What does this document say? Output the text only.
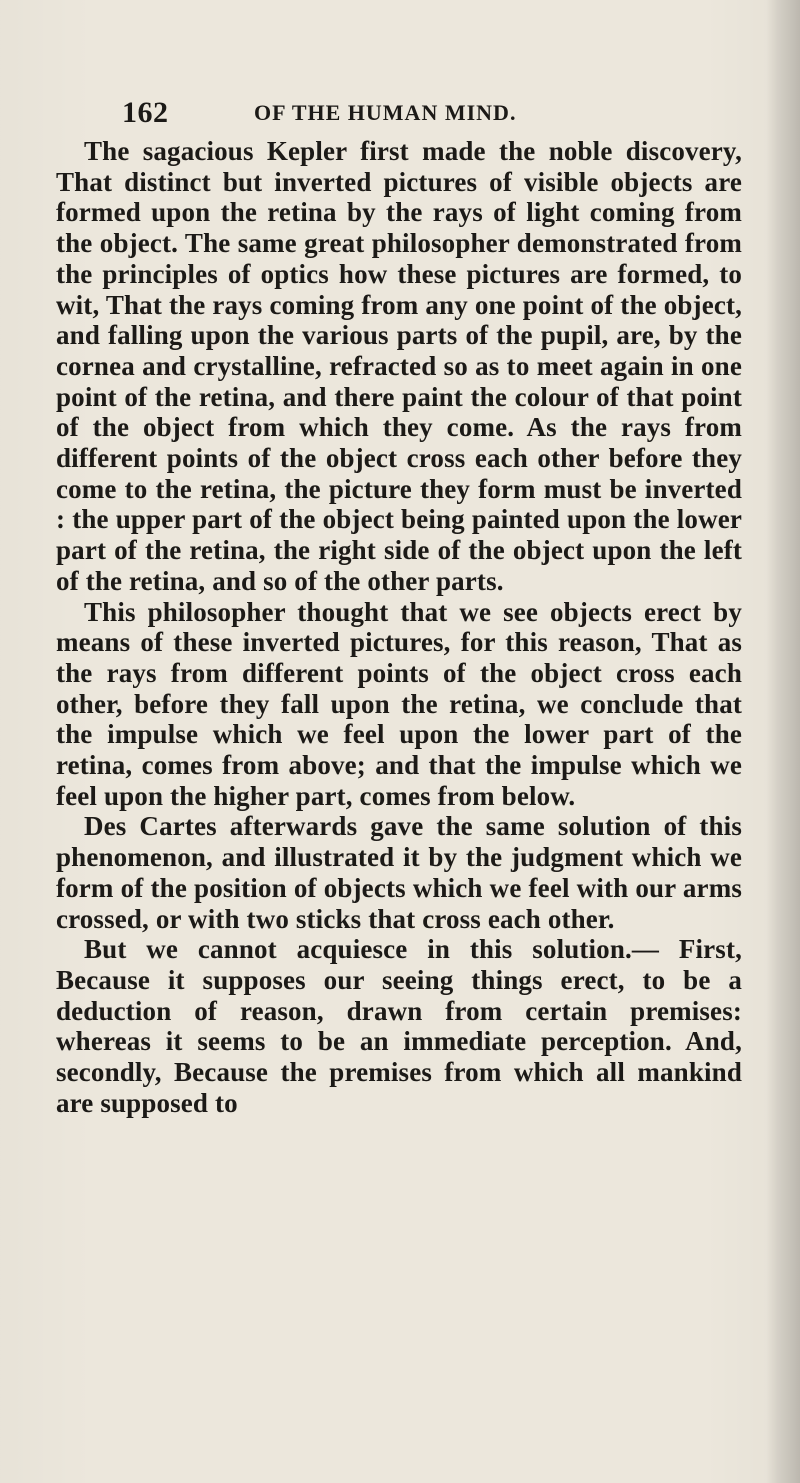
162	OF THE HUMAN MIND.

The sagacious Kepler first made the noble discovery, That distinct but inverted pictures of visible objects are formed upon the retina by the rays of light coming from the object. The same great philosopher demonstrated from the principles of optics how these pictures are formed, to wit, That the rays coming from any one point of the object, and falling upon the various parts of the pupil, are, by the cornea and crystalline, refracted so as to meet again in one point of the retina, and there paint the colour of that point of the object from which they come. As the rays from different points of the object cross each other before they come to the retina, the picture they form must be inverted : the upper part of the object being painted upon the lower part of the retina, the right side of the object upon the left of the retina, and so of the other parts.

This philosopher thought that we see objects erect by means of these inverted pictures, for this reason, That as the rays from different points of the object cross each other, before they fall upon the retina, we conclude that the impulse which we feel upon the lower part of the retina, comes from above; and that the impulse which we feel upon the higher part, comes from below.

Des Cartes afterwards gave the same solution of this phenomenon, and illustrated it by the judgment which we form of the position of objects which we feel with our arms crossed, or with two sticks that cross each other.

But we cannot acquiesce in this solution.— First, Because it supposes our seeing things erect, to be a deduction of reason, drawn from certain premises: whereas it seems to be an immediate perception. And, secondly, Because the premises from which all mankind are supposed to
